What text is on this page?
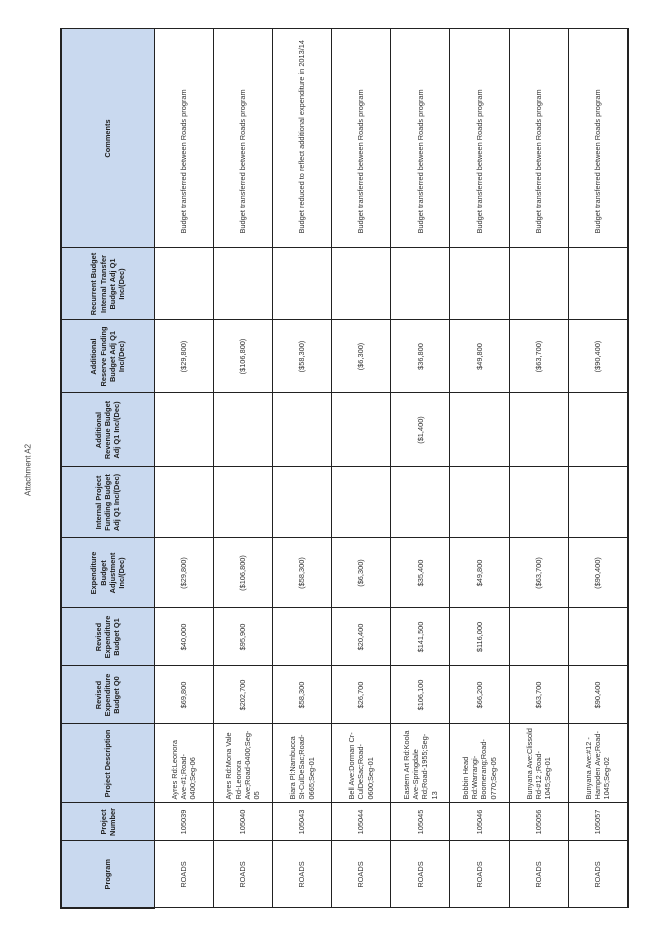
Attachment A2
Program	Project Number	Project Description	Revised Expenditure Budget Q0	Revised Expenditure Budget Q1	Expenditure Budget Adjustment Inc/(Dec)	Internal Project Funding Budget Adj Q1 Inc/(Dec)	Additional Revenue Budget Adj Q1 Inc/(Dec)	Additional Reserve Funding Budget Adj Q1 Inc/(Dec)	Recurrent Budget Internal Transfer Budget Adj Q1 Inc/(Dec)	Comments
ROADS	105039	Ayres Rd:Leonora Ave-#1;Road-0400;Seg-06	$69,800	$40,000	($29,800)			($29,800)		Budget transferred between Roads program
ROADS	105040	Ayres Rd:Mona Vale Rd-Leonora Ave;Road-0400;Seg-05	$202,700	$95,900	($106,800)			($106,800)		Budget transferred between Roads program
ROADS	105043	Biara Pl:Nambucca St-CulDeSac;Road-0665;Seg-01	$58,300		($58,300)			($58,300)		Budget reduced to reflect additional expenditure in 2013/14
ROADS	105044	Bell Ave:Dorman Cr-CulDeSac;Road-0600;Seg-01	$26,700	$20,400	($6,300)			($6,300)		Budget transferred between Roads program
ROADS	105045	Eastern Art Rd:Koola Ave-Springdale Rd;Road-1955;Seg-13	$106,100	$141,500	$35,400		($1,400)	$36,800		Budget transferred between Roads program
ROADS	105046	Bobbin Head Rd:Warrangi-Boomerang;Road-0770;Seg-05	$66,200	$116,000	$49,800			$49,800		Budget transferred between Roads program
ROADS	105056	Bunyana Ave:Clissold Rd-#12 ;Road-1045;Seg-01	$63,700		($63,700)			($63,700)		Budget transferred between Roads program
ROADS	105057	Bunyana Ave:#12 - Hampden Ave;Road-1045;Seg-02	$90,400		($90,400)			($90,400)		Budget transferred between Roads program
